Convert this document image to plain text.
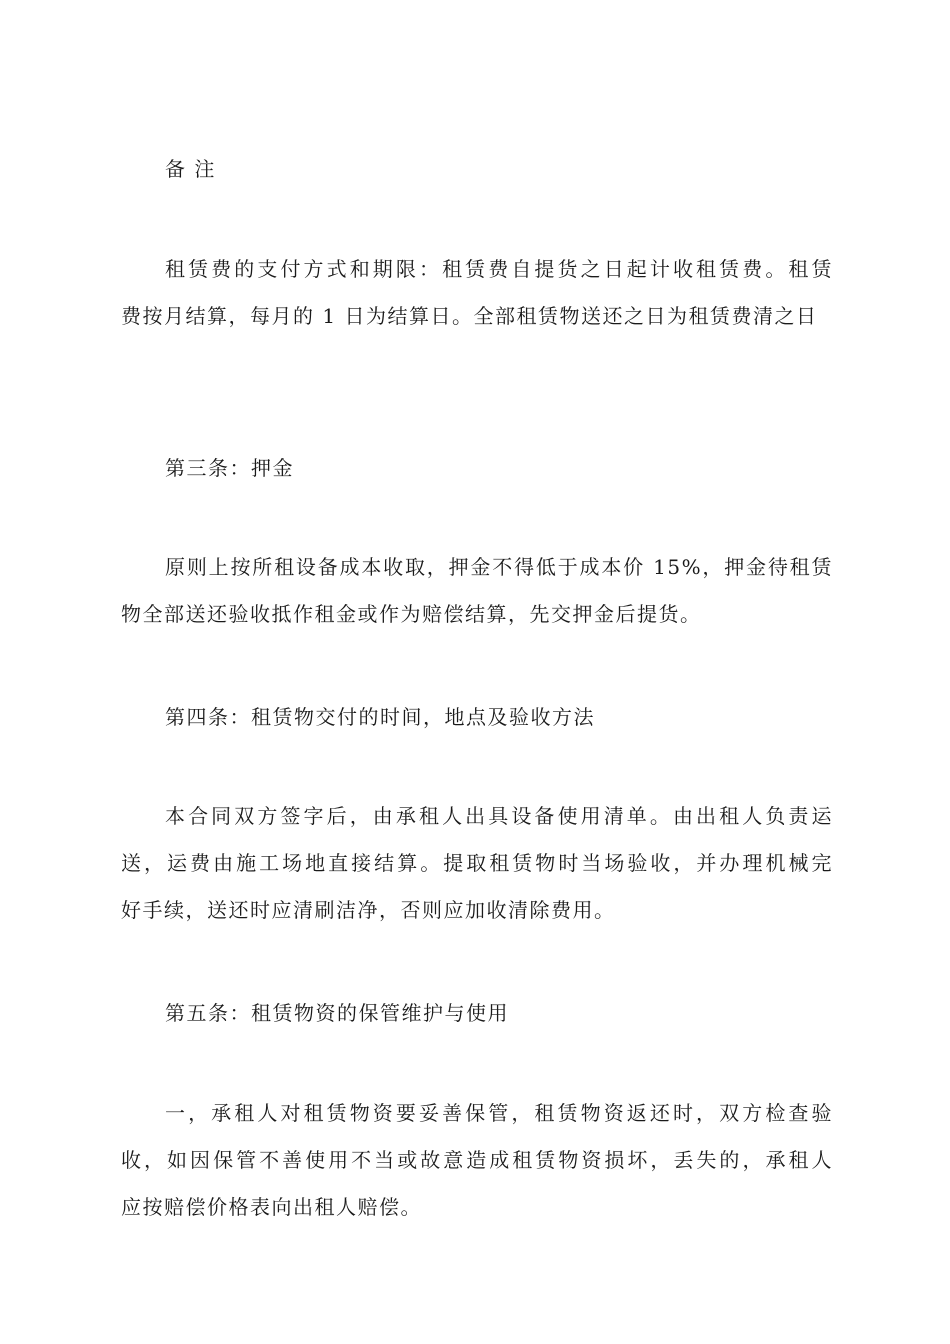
备 注
租赁费的支付方式和期限：租赁费自提货之日起计收租赁费。租赁
费按月结算，每月的 1 日为结算日。全部租赁物送还之日为租赁费清之日
第三条：押金
原则上按所租设备成本收取，押金不得低于成本价 15%，押金待租赁
物全部送还验收抵作租金或作为赔偿结算，先交押金后提货。
第四条：租赁物交付的时间，地点及验收方法
本合同双方签字后，由承租人出具设备使用清单。由出租人负责运
送，运费由施工场地直接结算。提取租赁物时当场验收，并办理机械完
好手续，送还时应清刷洁净，否则应加收清除费用。
第五条：租赁物资的保管维护与使用
一，承租人对租赁物资要妥善保管，租赁物资返还时，双方检查验
收，如因保管不善使用不当或故意造成租赁物资损坏，丢失的，承租人
应按赔偿价格表向出租人赔偿。
